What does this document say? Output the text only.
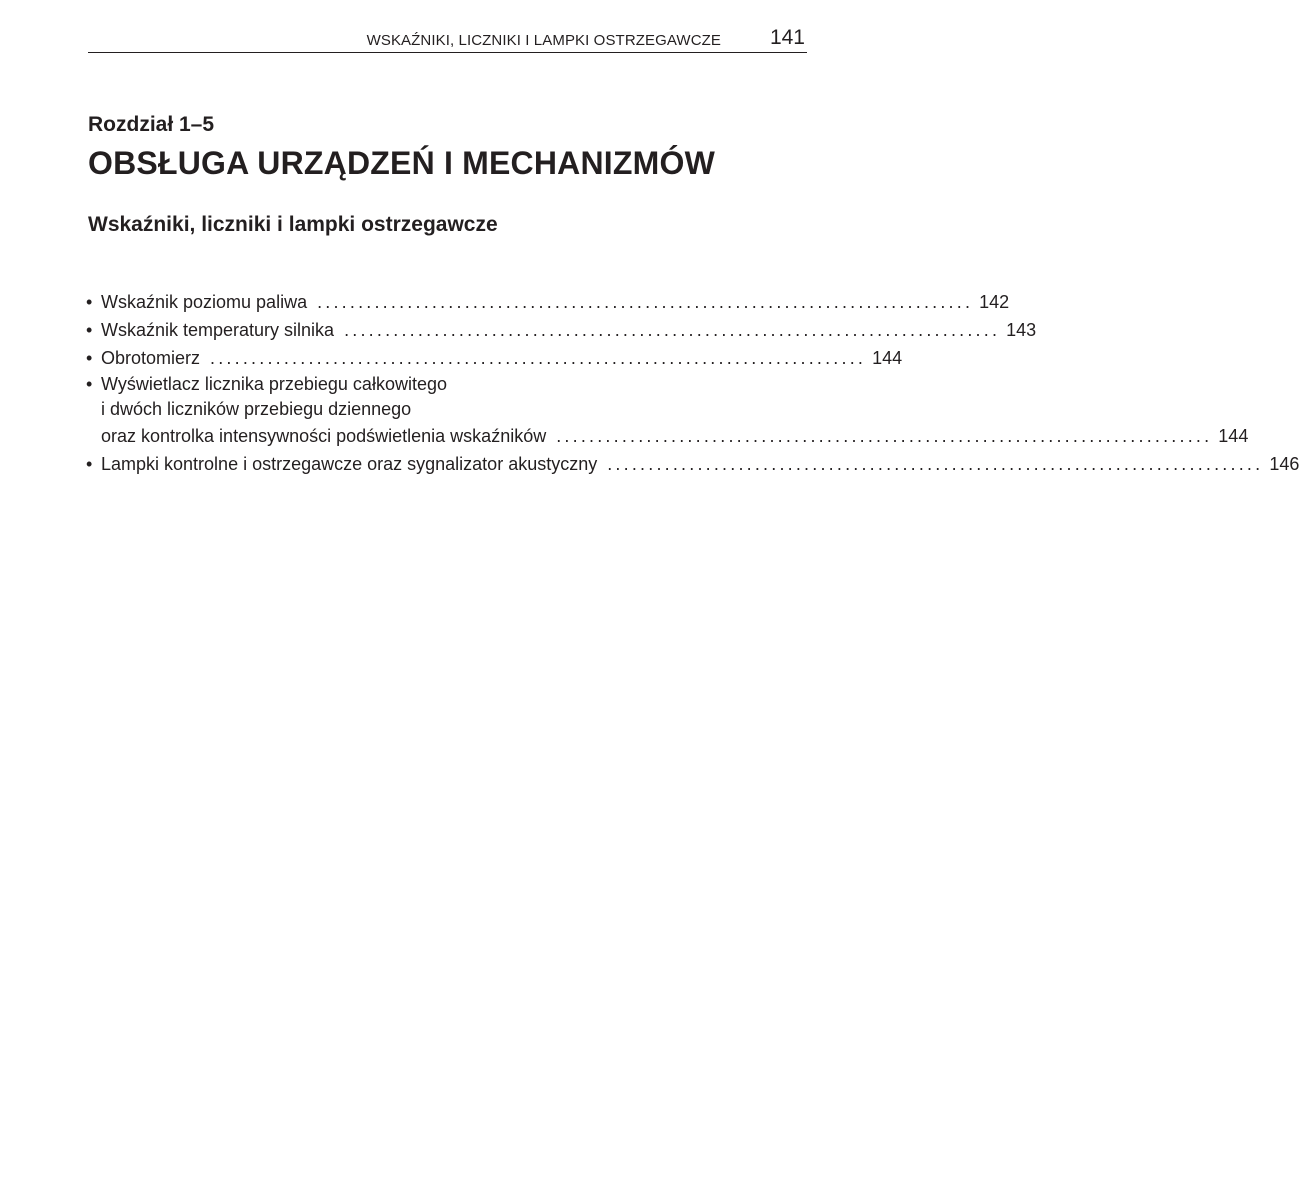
WSKAŹNIKI, LICZNIKI I LAMPKI OSTRZEGAWCZE 141
Rozdział 1–5
OBSŁUGA URZĄDZEŃ I MECHANIZMÓW
Wskaźniki, liczniki i lampki ostrzegawcze
• Wskaźnik poziomu paliwa ................................................................................ 142
• Wskaźnik temperatury silnika ................................................................................ 143
• Obrotomierz ................................................................................ 144
• Wyświetlacz licznika przebiegu całkowitego
i dwóch liczników przebiegu dziennego
oraz kontrolka intensywności podświetlenia wskaźników ................................................................................ 144
• Lampki kontrolne i ostrzegawcze oraz sygnalizator akustyczny ................................................................................ 146
